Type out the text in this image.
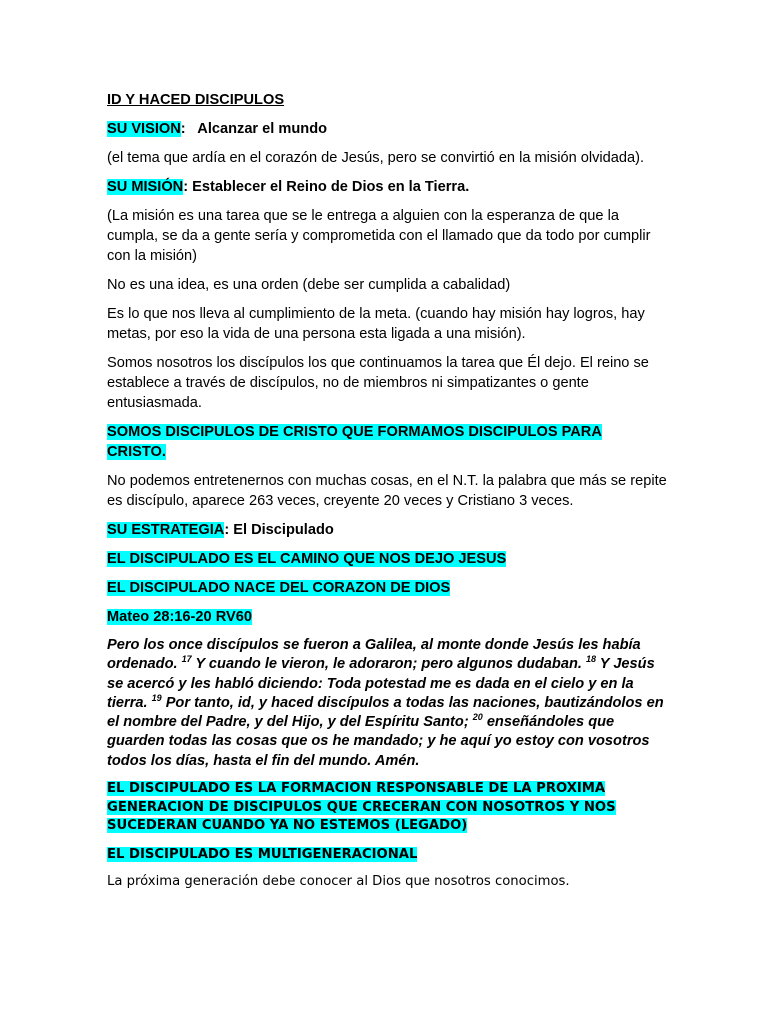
ID Y HACED DISCIPULOS

SU VISION:   Alcanzar el mundo

(el tema que ardía en el corazón de Jesús, pero se convirtió en la misión olvidada).

SU MISIÓN: Establecer el Reino de Dios en la Tierra.

(La misión es una tarea que se le entrega a alguien con la esperanza de que la cumpla, se da a gente sería y comprometida con el llamado que da todo por cumplir con la misión)

No es una idea, es una orden (debe ser cumplida a cabalidad)

Es lo que nos lleva al cumplimiento de la meta. (cuando hay misión hay logros, hay metas, por eso la vida de una persona esta ligada a una misión).

Somos nosotros los discípulos los que continuamos la tarea que Él dejo. El reino se establece a través de discípulos, no de miembros ni simpatizantes o gente entusiasmada.

SOMOS DISCIPULOS DE CRISTO QUE FORMAMOS DISCIPULOS PARA CRISTO.

No podemos entretenernos con muchas cosas, en el N.T. la palabra que más se repite es discípulo, aparece 263 veces, creyente 20 veces y Cristiano 3 veces.

SU ESTRATEGIA: El Discipulado

EL DISCIPULADO ES EL CAMINO QUE NOS DEJO JESUS

EL DISCIPULADO NACE DEL CORAZON DE DIOS

Mateo 28:16-20 RV60

Pero los once discípulos se fueron a Galilea, al monte donde Jesús les había ordenado. $^{17}$ Y cuando le vieron, le adoraron; pero algunos dudaban. $^{18}$ Y Jesús se acercó y les habló diciendo: Toda potestad me es dada en el cielo y en la tierra. $^{19}$ Por tanto, id, y haced discípulos a todas las naciones, bautizándolos en el nombre del Padre, y del Hijo, y del Espíritu Santo; $^{20}$ enseñándoles que guarden todas las cosas que os he mandado; y he aquí yo estoy con vosotros todos los días, hasta el fin del mundo. Amén.

EL DISCIPULADO ES LA FORMACION RESPONSABLE DE LA PROXIMA GENERACION DE DISCIPULOS QUE CRECERAN CON NOSOTROS Y NOS SUCEDERAN CUANDO YA NO ESTEMOS (LEGADO)

EL DISCIPULADO ES MULTIGENERACIONAL

La próxima generación debe conocer al Dios que nosotros conocimos.
